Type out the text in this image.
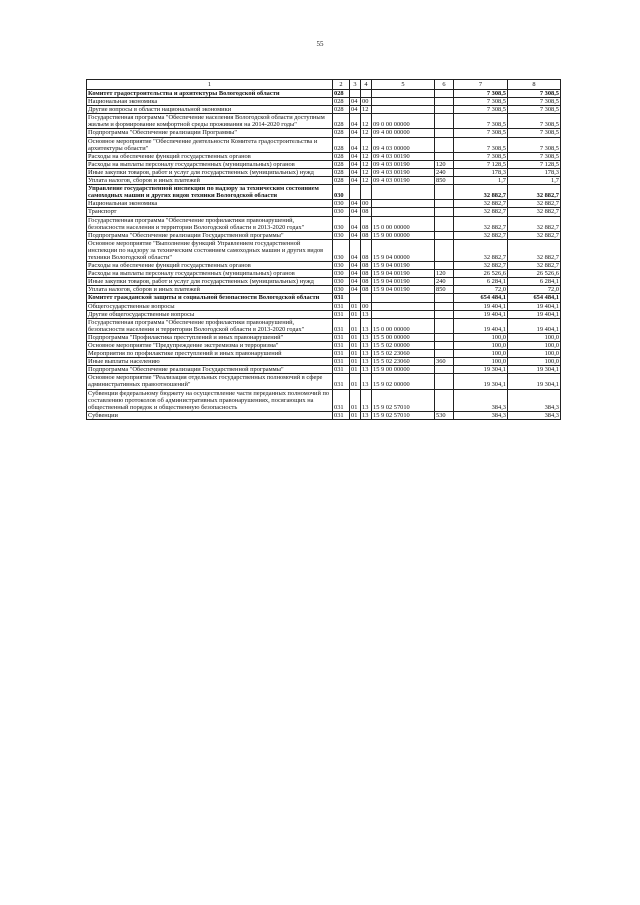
55
1	2	3	4	5	6	7	8
Комитет градостроительства и архитектуры Вологодской области	028					7 308,5	7 308,5
Национальная экономика	028	04	00			7 308,5	7 308,5
Другие вопросы в области национальной экономики	028	04	12			7 308,5	7 308,5
Государственная программа "Обеспечение населения Вологодской области доступным жильем и формирование комфортной среды проживания на 2014-2020 годы"	028	04	12	09 0 00 00000		7 308,5	7 308,5
Подпрограмма "Обеспечение реализации Программы"	028	04	12	09 4 00 00000		7 308,5	7 308,5
Основное мероприятие "Обеспечение деятельности Комитета градостроительства и архитектуры области"	028	04	12	09 4 03 00000		7 308,5	7 308,5
Расходы на обеспечение функций государственных органов	028	04	12	09 4 03 00190		7 308,5	7 308,5
Расходы на выплаты персоналу государственных (муниципальных) органов	028	04	12	09 4 03 00190	120	7 128,5	7 128,5
Иные закупки товаров, работ и услуг для государственных (муниципальных) нужд	028	04	12	09 4 03 00190	240	178,3	178,3
Уплата налогов, сборов и иных платежей	028	04	12	09 4 03 00190	850	1,7	1,7
Управление государственной инспекции по надзору за техническим состоянием самоходных машин и других видов техники Вологодской области	030					32 882,7	32 882,7
Национальная экономика	030	04	00			32 882,7	32 882,7
Транспорт	030	04	08			32 882,7	32 882,7
Государственная программа "Обеспечение профилактики правонарушений, безопасности населения и территории Вологодской области в 2013-2020 годах"	030	04	08	15 0 00 00000		32 882,7	32 882,7
Подпрограмма "Обеспечение реализации Государственной программы"	030	04	08	15 9 00 00000		32 882,7	32 882,7
Основное мероприятие "Выполнение функций Управлением государственной инспекции по надзору за техническим состоянием самоходных машин и других видов техники Вологодской области"	030	04	08	15 9 04 00000		32 882,7	32 882,7
Расходы на обеспечение функций государственных органов	030	04	08	15 9 04 00190		32 882,7	32 882,7
Расходы на выплаты персоналу государственных (муниципальных) органов	030	04	08	15 9 04 00190	120	26 526,6	26 526,6
Иные закупки товаров, работ и услуг для государственных (муниципальных) нужд	030	04	08	15 9 04 00190	240	6 284,1	6 284,1
Уплата налогов, сборов и иных платежей	030	04	08	15 9 04 00190	850	72,0	72,0
Комитет гражданской защиты и социальной безопасности Вологодской области	031					654 484,1	654 484,1
Общегосударственные вопросы	031	01	00			19 404,1	19 404,1
Другие общегосударственные вопросы	031	01	13			19 404,1	19 404,1
Государственная программа "Обеспечение профилактики правонарушений, безопасности населения и территории Вологодской области в 2013-2020 годах"	031	01	13	15 0 00 00000		19 404,1	19 404,1
Подпрограмма "Профилактика преступлений и иных правонарушений"	031	01	13	15 5 00 00000		100,0	100,0
Основное мероприятие "Предупреждение экстремизма и терроризма"	031	01	13	15 5 02 00000		100,0	100,0
Мероприятия по профилактике преступлений и иных правонарушений	031	01	13	15 5 02 23060		100,0	100,0
Иные выплаты населению	031	01	13	15 5 02 23060	360	100,0	100,0
Подпрограмма "Обеспечение реализации Государственной программы"	031	01	13	15 9 00 00000		19 304,1	19 304,1
Основное мероприятие "Реализация отдельных государственных полномочий в сфере административных правоотношений"	031	01	13	15 9 02 00000		19 304,1	19 304,1
Субвенции федеральному бюджету на осуществление части переданных полномочий по составлению протоколов об административных правонарушениях, посягающих на общественный порядок и общественную безопасность	031	01	13	15 9 02 57010		384,3	384,3
Субвенции	031	01	13	15 9 02 57010	530	384,3	384,3
